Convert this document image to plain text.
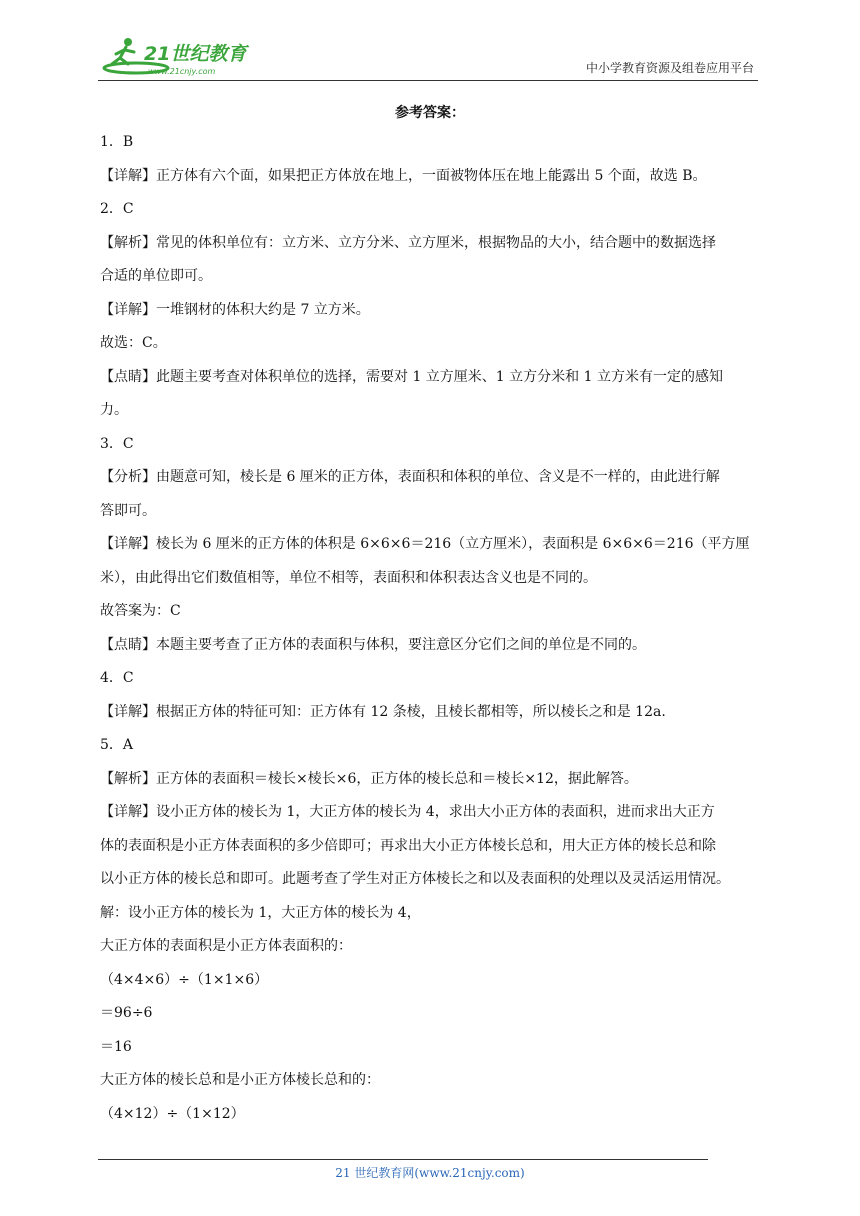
21世纪教育
www.21cnjy.com	中小学教育资源及组卷应用平台
参考答案：
1．B
【详解】正方体有六个面，如果把正方体放在地上，一面被物体压在地上能露出 5 个面，故选 B。
2．C
【解析】常见的体积单位有：立方米、立方分米、立方厘米，根据物品的大小，结合题中的数据选择
合适的单位即可。
【详解】一堆钢材的体积大约是 7 立方米。
故选：C。
【点睛】此题主要考查对体积单位的选择，需要对 1 立方厘米、1 立方分米和 1 立方米有一定的感知
力。
3．C
【分析】由题意可知，棱长是 6 厘米的正方体，表面积和体积的单位、含义是不一样的，由此进行解
答即可。
【详解】棱长为 6 厘米的正方体的体积是 6×6×6＝216（立方厘米），表面积是 6×6×6＝216（平方厘
米），由此得出它们数值相等，单位不相等，表面积和体积表达含义也是不同的。
故答案为：C
【点睛】本题主要考查了正方体的表面积与体积，要注意区分它们之间的单位是不同的。
4．C
【详解】根据正方体的特征可知：正方体有 12 条棱，且棱长都相等，所以棱长之和是 12a.
5．A
【解析】正方体的表面积＝棱长×棱长×6，正方体的棱长总和＝棱长×12，据此解答。
【详解】设小正方体的棱长为 1，大正方体的棱长为 4，求出大小正方体的表面积，进而求出大正方
体的表面积是小正方体表面积的多少倍即可；再求出大小正方体棱长总和，用大正方体的棱长总和除
以小正方体的棱长总和即可。此题考查了学生对正方体棱长之和以及表面积的处理以及灵活运用情况。
解：设小正方体的棱长为 1，大正方体的棱长为 4，
大正方体的表面积是小正方体表面积的：
（4×4×6）÷（1×1×6）
＝96÷6
＝16
大正方体的棱长总和是小正方体棱长总和的：
（4×12）÷（1×12）
21 世纪教育网(www.21cnjy.com)
